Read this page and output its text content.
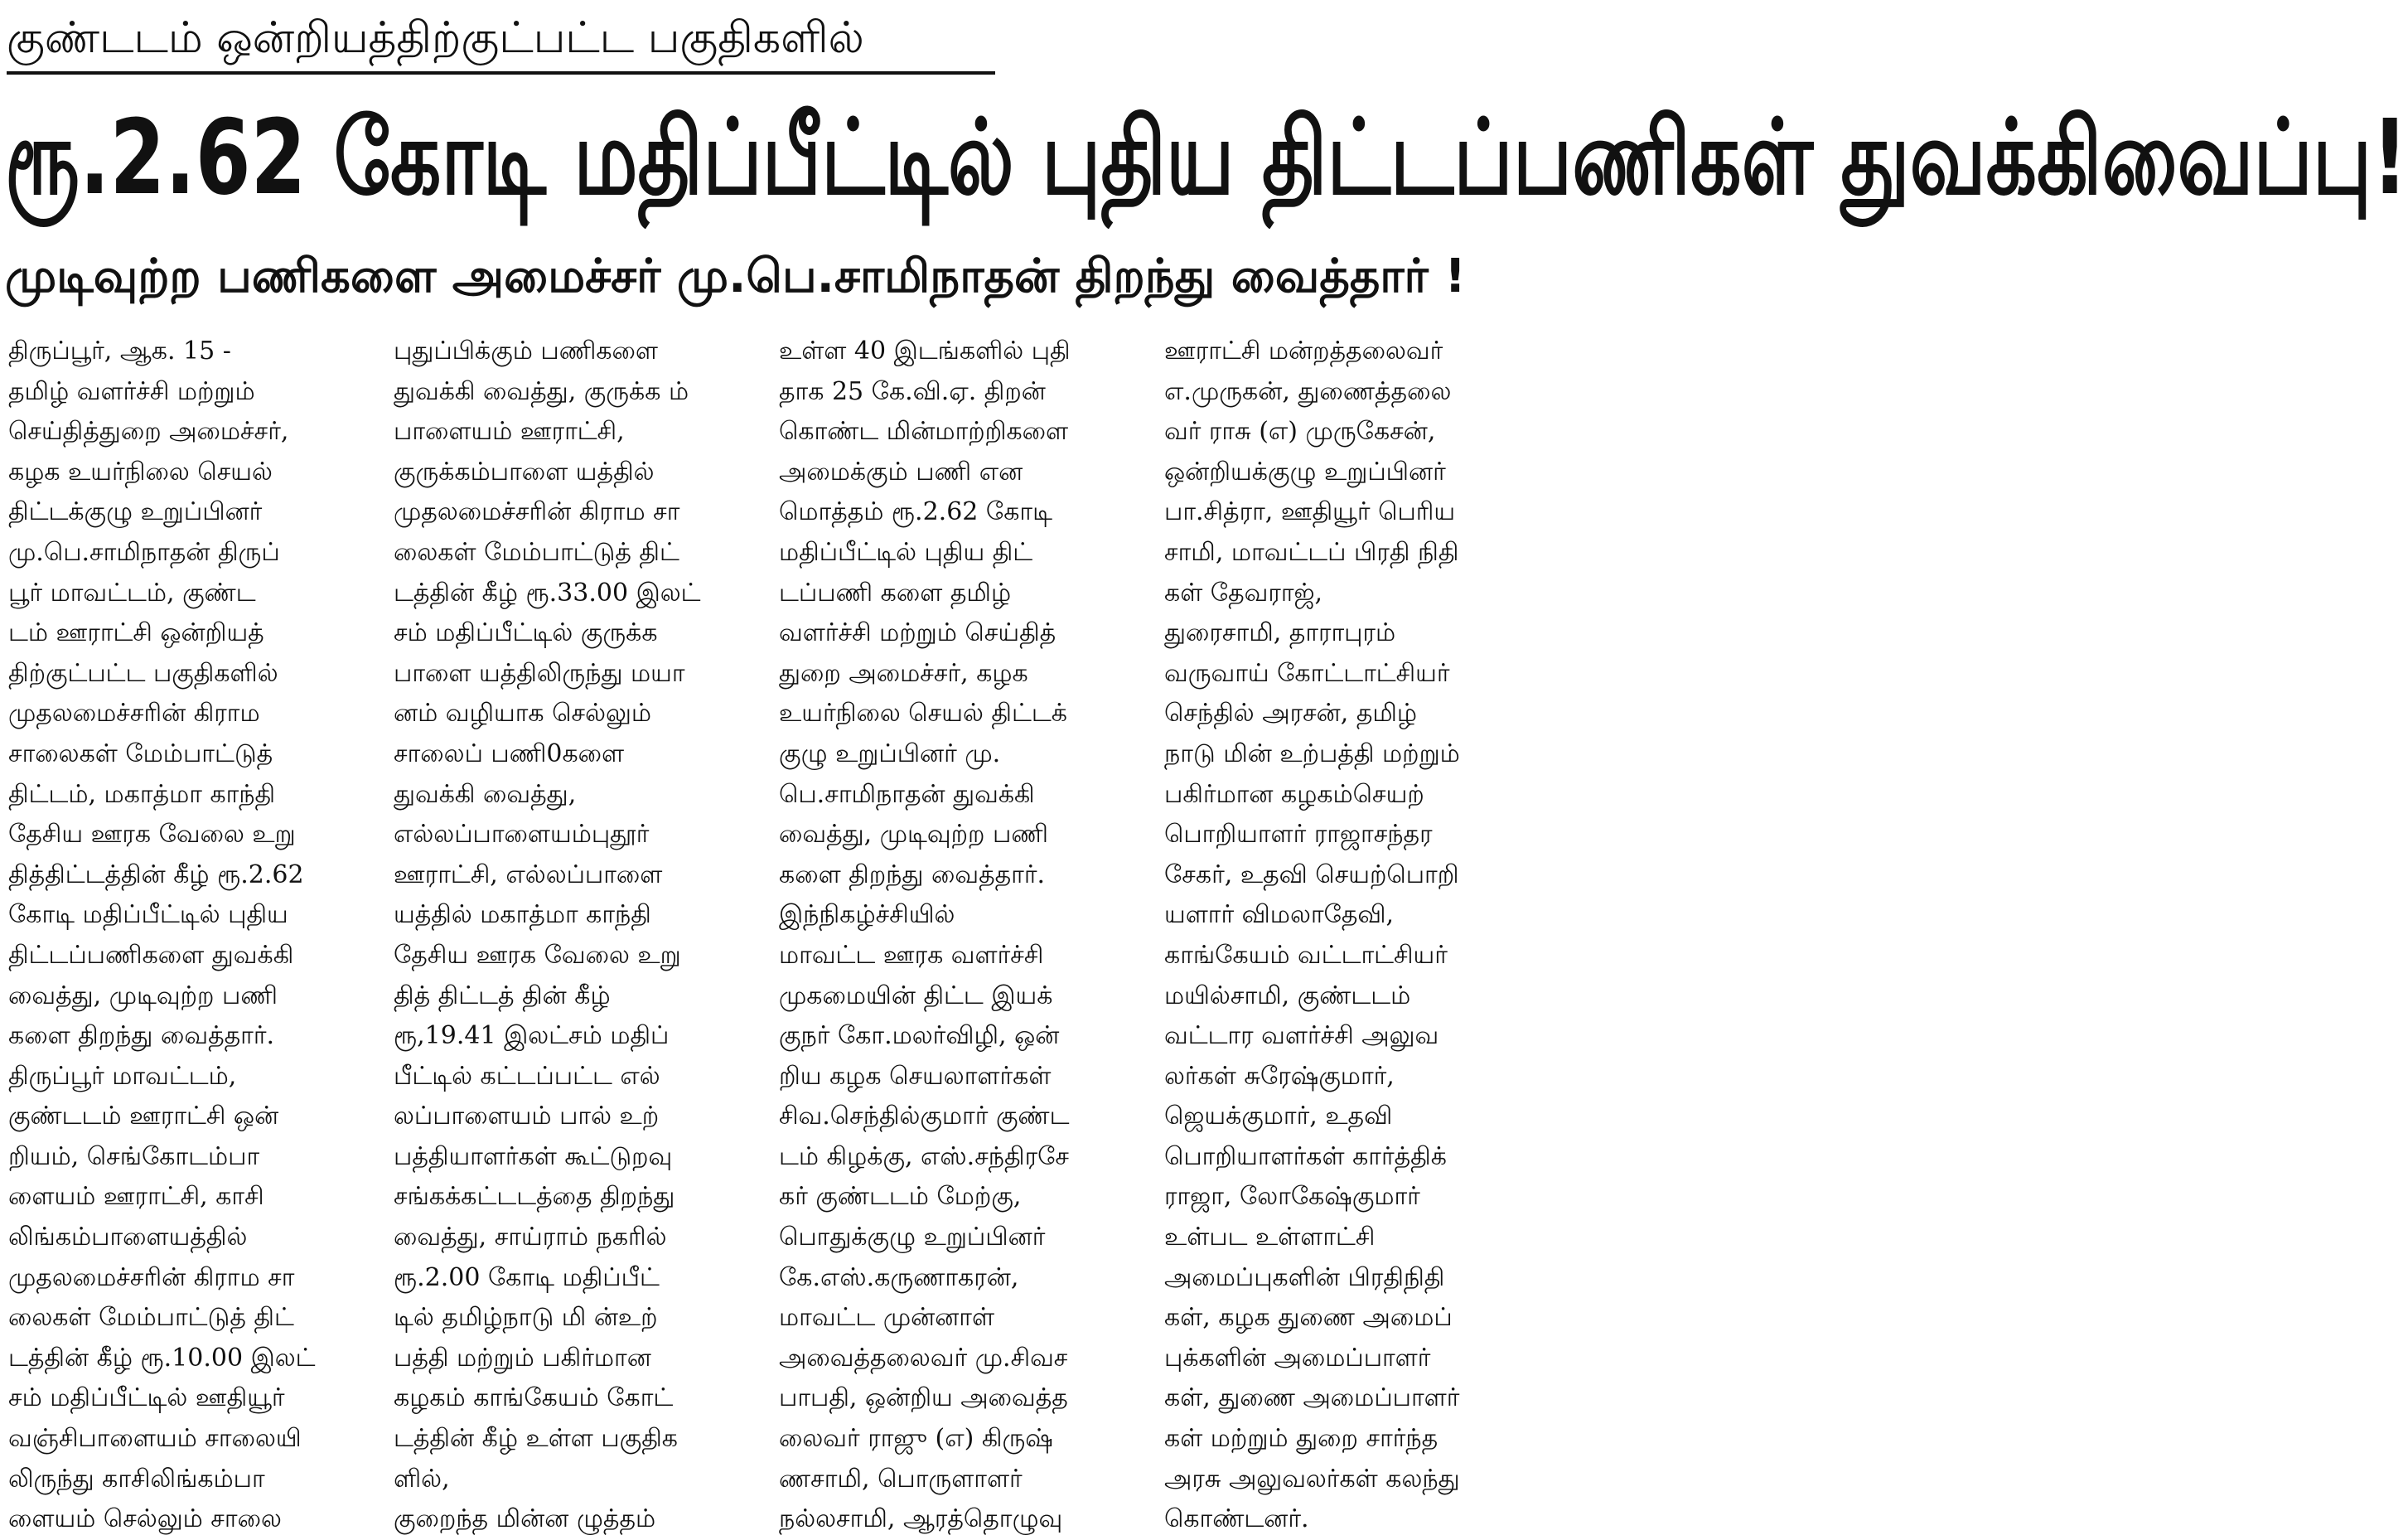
குண்டடம் ஒன்றியத்திற்குட்பட்ட பகுதிகளில்
ரூ.2.62 கோடி மதிப்பீட்டில் புதிய திட்டப்பணிகள் துவக்கிவைப்பு!
முடிவுற்ற பணிகளை அமைச்சர் மு.பெ.சாமிநாதன் திறந்து வைத்தார் !
திருப்பூர், ஆக. 15 -
தமிழ் வளர்ச்சி மற்றும்
செய்தித்துறை அமைச்சர்,
கழக உயர்நிலை செயல்
திட்டக்குழு உறுப்பினர்
மு.பெ.சாமிநாதன் திருப்
பூர் மாவட்டம், குண்ட
டம் ஊராட்சி ஒன்றியத்
திற்குட்பட்ட பகுதிகளில்
முதலமைச்சரின் கிராம
சாலைகள் மேம்பாட்டுத்
திட்டம், மகாத்மா காந்தி
தேசிய ஊரக வேலை உறு
தித்திட்டத்தின் கீழ் ரூ.2.62
கோடி மதிப்பீட்டில் புதிய
திட்டப்பணிகளை துவக்கி
வைத்து, முடிவுற்ற பணி
களை திறந்து வைத்தார்.
திருப்பூர் மாவட்டம்,
குண்டடம் ஊராட்சி ஒன்
றியம், செங்கோடம்பா
ளையம் ஊராட்சி, காசி
லிங்கம்பாளையத்தில்
முதலமைச்சரின் கிராம சா
லைகள் மேம்பாட்டுத் திட்
டத்தின் கீழ் ரூ.10.00 இலட்
சம் மதிப்பீட்டில் ஊதியூர்
வஞ்சிபாளையம் சாலையி
லிருந்து காசிலிங்கம்பா
ளையம் செல்லும் சாலை
புதுப்பிக்கும் பணிகளை
துவக்கி வைத்து, குருக்க ம்
பாளையம் ஊராட்சி,
குருக்கம்பாளை யத்தில்
முதலமைச்சரின் கிராம சா
லைகள் மேம்பாட்டுத் திட்
டத்தின் கீழ் ரூ.33.00 இலட்
சம் மதிப்பீட்டில் குருக்க
பாளை யத்திலிருந்து மயா
னம் வழியாக செல்லும்
சாலைப் பணி0களை
துவக்கி வைத்து,
எல்லப்பாளையம்புதூர்
ஊராட்சி, எல்லப்பாளை
யத்தில் மகாத்மா காந்தி
தேசிய ஊரக வேலை உறு
தித் திட்டத் தின் கீழ்
ரூ,19.41 இலட்சம் மதிப்
பீட்டில் கட்டப்பட்ட எல்
லப்பாளையம் பால் உற்
பத்தியாளர்கள் கூட்டுறவு
சங்கக்கட்டடத்தை திறந்து
வைத்து, சாய்ராம் நகரில்
ரூ.2.00 கோடி மதிப்பீட்
டில் தமிழ்நாடு மி ன்உற்
பத்தி மற்றும் பகிர்மான
கழகம் காங்கேயம் கோட்
டத்தின் கீழ் உள்ள பகுதிக
ளில்,
குறைந்த மின்ன ழுத்தம்
உள்ள 40 இடங்களில் புதி
தாக 25 கே.வி.ஏ. திறன்
கொண்ட மின்மாற்றிகளை
அமைக்கும் பணி என
மொத்தம் ரூ.2.62 கோடி
மதிப்பீட்டில் புதிய திட்
டப்பணி களை தமிழ்
வளர்ச்சி மற்றும் செய்தித்
துறை அமைச்சர், கழக
உயர்நிலை செயல் திட்டக்
குழு உறுப்பினர் மு.
பெ.சாமிநாதன் துவக்கி
வைத்து, முடிவுற்ற பணி
களை திறந்து வைத்தார்.
இந்நிகழ்ச்சியில்
மாவட்ட ஊரக வளர்ச்சி
முகமையின் திட்ட இயக்
குநர் கோ.மலர்விழி, ஒன்
றிய கழக செயலாளர்கள்
சிவ.செந்தில்குமார் குண்ட
டம் கிழக்கு, எஸ்.சந்திரசே
கர் குண்டடம் மேற்கு,
பொதுக்குழு உறுப்பினர்
கே.எஸ்.கருணாகரன்,
மாவட்ட முன்னாள்
அவைத்தலைவர் மு.சிவச
பாபதி, ஒன்றிய அவைத்த
லைவர் ராஜு (எ) கிருஷ்
ணசாமி, பொருளாளர்
நல்லசாமி, ஆரத்தொழுவு
ஊராட்சி மன்றத்தலைவர்
எ.முருகன், துணைத்தலை
வர் ராசு (எ) முருகேசன்,
ஒன்றியக்குழு உறுப்பினர்
பா.சித்ரா, ஊதியூர் பெரிய
சாமி, மாவட்டப் பிரதி நிதி
கள் தேவராஜ்,
துரைசாமி, தாராபுரம்
வருவாய் கோட்டாட்சியர்
செந்தில் அரசன், தமிழ்
நாடு மின் உற்பத்தி மற்றும்
பகிர்மான கழகம்செயற்
பொறியாளர் ராஜாசந்தர
சேகர், உதவி செயற்பொறி
யளார் விமலாதேவி,
காங்கேயம் வட்டாட்சியர்
மயில்சாமி, குண்டடம்
வட்டார வளர்ச்சி அலுவ
லர்கள் சுரேஷ்குமார்,
ஜெயக்குமார், உதவி
பொறியாளர்கள் கார்த்திக்
ராஜா, லோகேஷ்குமார்
உள்பட உள்ளாட்சி
அமைப்புகளின் பிரதிநிதி
கள், கழக துணை அமைப்
புக்களின் அமைப்பாளர்
கள், துணை அமைப்பாளர்
கள் மற்றும் துறை சார்ந்த
அரசு அலுவலர்கள் கலந்து
கொண்டனர்.
